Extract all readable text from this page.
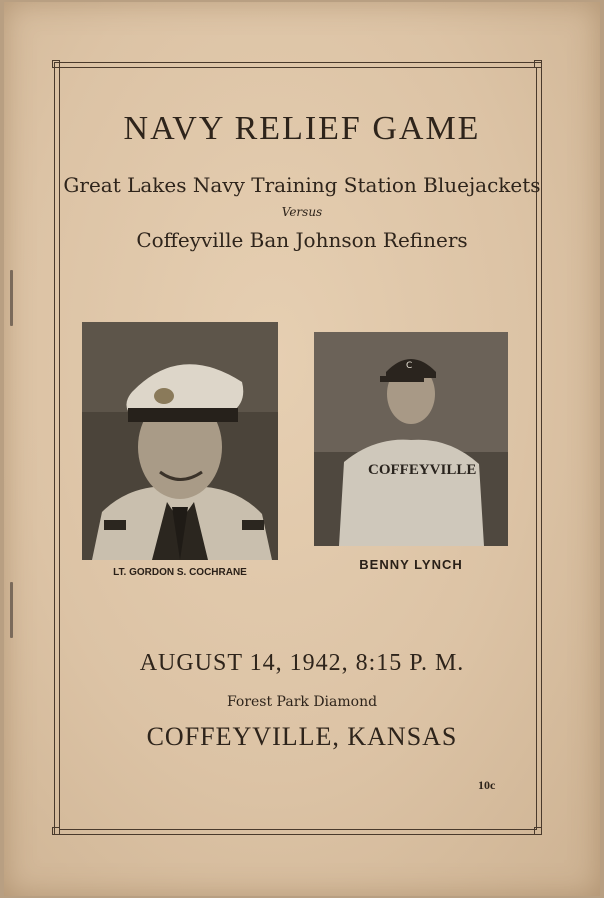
NAVY RELIEF GAME
Great Lakes Navy Training Station Bluejackets
Versus
Coffeyville Ban Johnson Refiners
LT. GORDON S. COCHRANE
C
COFFEYVILLE
BENNY LYNCH
AUGUST 14, 1942, 8:15 P. M.
Forest Park Diamond
COFFEYVILLE, KANSAS
10c
